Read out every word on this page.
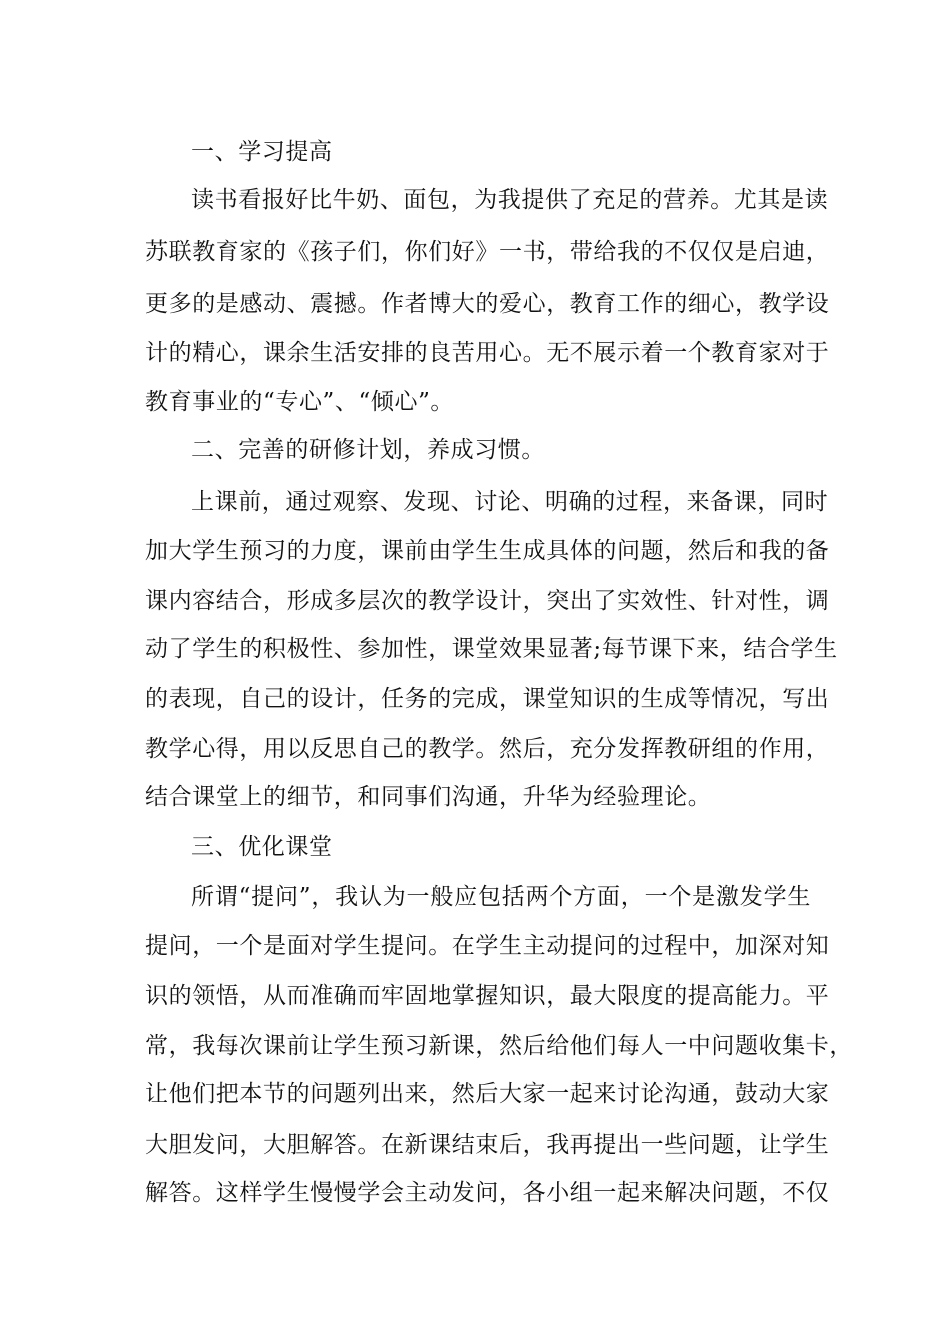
一、学习提高
读书看报好比牛奶、面包，为我提供了充足的营养。尤其是读
苏联教育家的《孩子们，你们好》一书，带给我的不仅仅是启迪，
更多的是感动、震撼。作者博大的爱心，教育工作的细心，教学设
计的精心，课余生活安排的良苦用心。无不展示着一个教育家对于
教育事业的“专心”、“倾心”。
二、完善的研修计划，养成习惯。
上课前，通过观察、发现、讨论、明确的过程，来备课，同时
加大学生预习的力度，课前由学生生成具体的问题，然后和我的备
课内容结合，形成多层次的教学设计，突出了实效性、针对性，调
动了学生的积极性、参加性，课堂效果显著;每节课下来，结合学生
的表现，自己的设计，任务的完成，课堂知识的生成等情况，写出
教学心得，用以反思自己的教学。然后，充分发挥教研组的作用，
结合课堂上的细节，和同事们沟通，升华为经验理论。
三、优化课堂
所谓“提问”，我认为一般应包括两个方面，一个是激发学生
提问，一个是面对学生提问。在学生主动提问的过程中，加深对知
识的领悟，从而准确而牢固地掌握知识，最大限度的提高能力。平
常，我每次课前让学生预习新课，然后给他们每人一中问题收集卡，
让他们把本节的问题列出来，然后大家一起来讨论沟通，鼓动大家
大胆发问，大胆解答。在新课结束后，我再提出一些问题，让学生
解答。这样学生慢慢学会主动发问，各小组一起来解决问题，不仅
